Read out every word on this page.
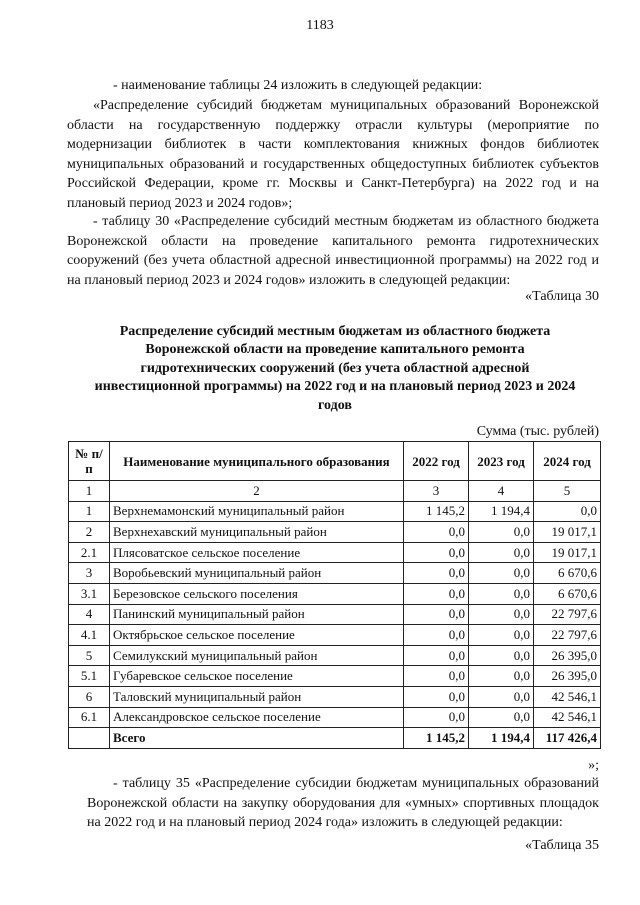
1183
- наименование таблицы 24 изложить в следующей редакции:
«Распределение субсидий бюджетам муниципальных образований Воронежской области на государственную поддержку отрасли культуры (мероприятие по модернизации библиотек в части комплектования книжных фондов библиотек муниципальных образований и государственных общедоступных библиотек субъектов Российской Федерации, кроме гг. Москвы и Санкт-Петербурга) на 2022 год и на плановый период 2023 и 2024 годов»;
- таблицу 30 «Распределение субсидий местным бюджетам из областного бюджета Воронежской области на проведение капитального ремонта гидротехнических сооружений (без учета областной адресной инвестиционной программы) на 2022 год и на плановый период 2023 и 2024 годов» изложить в следующей редакции:
«Таблица 30
Распределение субсидий местным бюджетам из областного бюджета Воронежской области на проведение капитального ремонта гидротехнических сооружений (без учета областной адресной инвестиционной программы) на 2022 год и на плановый период 2023 и 2024 годов
Сумма (тыс. рублей)
№ п/п	Наименование муниципального образования	2022 год	2023 год	2024 год
1	2	3	4	5
1	Верхнемамонский муниципальный район	1 145,2	1 194,4	0,0
2	Верхнехавский муниципальный район	0,0	0,0	19 017,1
2.1	Плясоватское сельское поселение	0,0	0,0	19 017,1
3	Воробьевский муниципальный район	0,0	0,0	6 670,6
3.1	Березовское сельского поселения	0,0	0,0	6 670,6
4	Панинский муниципальный район	0,0	0,0	22 797,6
4.1	Октябрьское сельское поселение	0,0	0,0	22 797,6
5	Семилукский муниципальный район	0,0	0,0	26 395,0
5.1	Губаревское сельское поселение	0,0	0,0	26 395,0
6	Таловский муниципальный район	0,0	0,0	42 546,1
6.1	Александровское сельское поселение	0,0	0,0	42 546,1
	Всего	1 145,2	1 194,4	117 426,4
»;
- таблицу 35 «Распределение субсидии бюджетам муниципальных образований Воронежской области на закупку оборудования для «умных» спортивных площадок на 2022 год и на плановый период 2024 года» изложить в следующей редакции:
«Таблица 35
